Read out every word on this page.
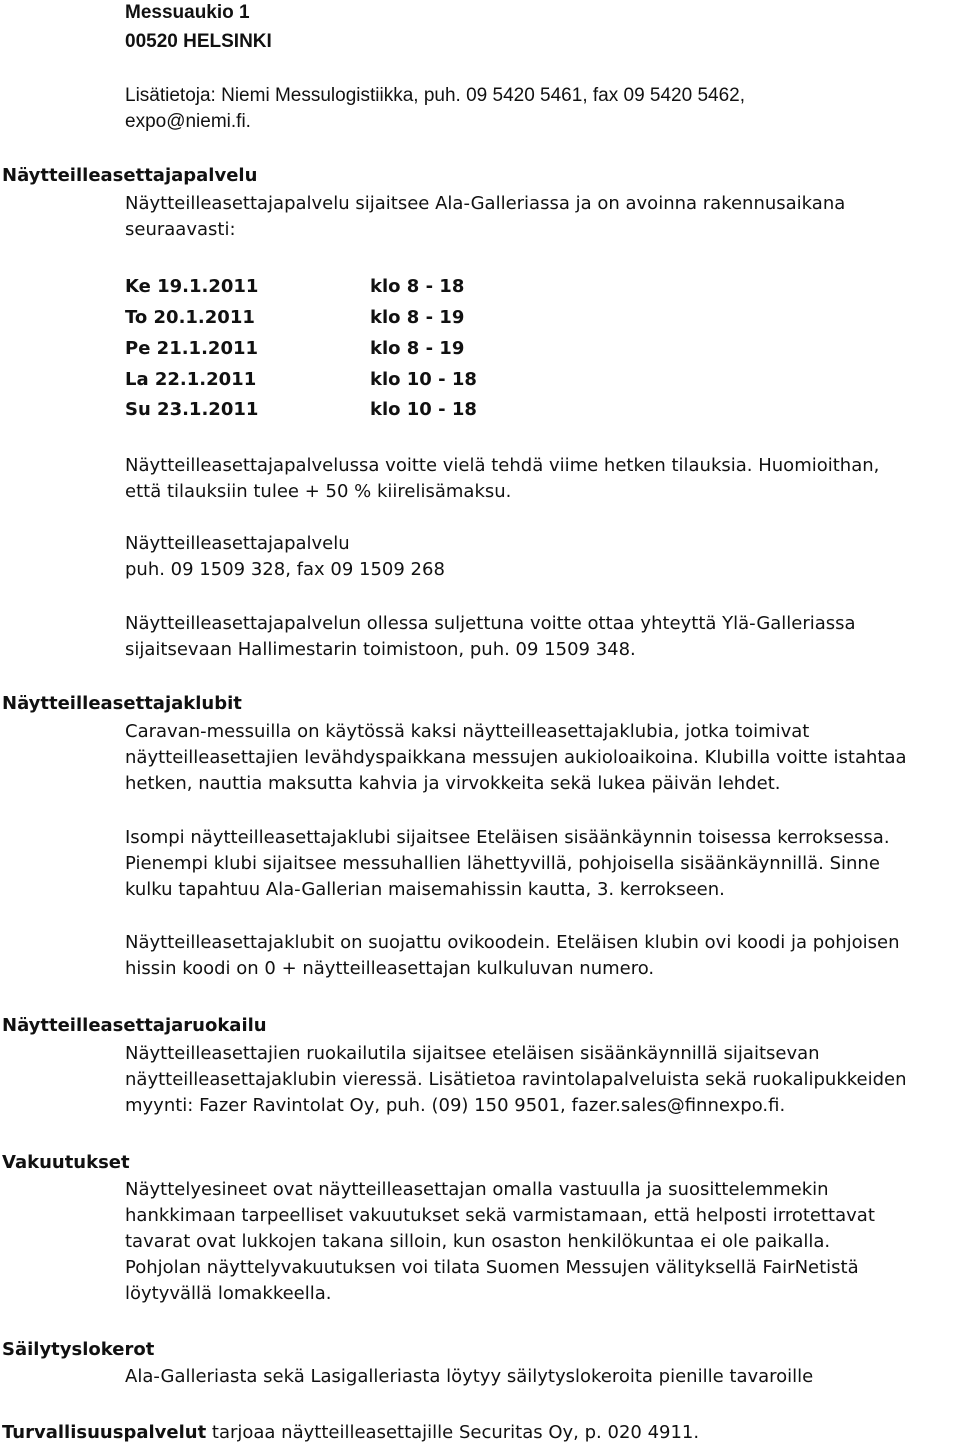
Messuaukio 1
00520 HELSINKI
Lisätietoja: Niemi Messulogistiikka, puh. 09 5420 5461, fax 09 5420 5462,
expo@niemi.fi.
Näytteilleasettajapalvelu
Näytteilleasettajapalvelu sijaitsee Ala-Galleriassa ja on avoinna rakennusaikana
seuraavasti:
Ke 19.1.2011	klo 8 - 18
To 20.1.2011	klo 8 - 19
Pe 21.1.2011	klo 8 - 19
La 22.1.2011	klo 10 - 18
Su 23.1.2011	klo 10 - 18
Näytteilleasettajapalvelussa voitte vielä tehdä viime hetken tilauksia. Huomioithan,
että tilauksiin tulee + 50 % kiirelisämaksu.
Näytteilleasettajapalvelu
puh. 09 1509 328, fax 09 1509 268
Näytteilleasettajapalvelun ollessa suljettuna voitte ottaa yhteyttä Ylä-Galleriassa
sijaitsevaan Hallimestarin toimistoon, puh. 09 1509 348.
Näytteilleasettajaklubit
Caravan-messuilla on käytössä kaksi näytteilleasettajaklubia, jotka toimivat
näytteilleasettajien levähdyspaikkana messujen aukioloaikoina. Klubilla voitte istahtaa
hetken, nauttia maksutta kahvia ja virvokkeita sekä lukea päivän lehdet.
Isompi näytteilleasettajaklubi sijaitsee Eteläisen sisäänkäynnin toisessa kerroksessa.
Pienempi klubi sijaitsee messuhallien lähettyvillä, pohjoisella sisäänkäynnillä. Sinne
kulku tapahtuu Ala-Gallerian maisemahissin kautta, 3. kerrokseen.
Näytteilleasettajaklubit on suojattu ovikoodein. Eteläisen klubin ovi koodi ja pohjoisen
hissin koodi on 0 + näytteilleasettajan kulkuluvan numero.
Näytteilleasettajaruokailu
Näytteilleasettajien ruokailutila sijaitsee eteläisen sisäänkäynnillä sijaitsevan
näytteilleasettajaklubin vieressä. Lisätietoa ravintolapalveluista sekä ruokalipukkeiden
myynti: Fazer Ravintolat Oy, puh. (09) 150 9501, fazer.sales@finnexpo.fi.
Vakuutukset
Näyttelyesineet ovat näytteilleasettajan omalla vastuulla ja suosittelemmekin
hankkimaan tarpeelliset vakuutukset sekä varmistamaan, että helposti irrotettavat
tavarat ovat lukkojen takana silloin, kun osaston henkilökuntaa ei ole paikalla.
Pohjolan näyttelyvakuutuksen voi tilata Suomen Messujen välityksellä FairNetistä
löytyvällä lomakkeella.
Säilytyslokerot
Ala-Galleriasta sekä Lasigalleriasta löytyy säilytyslokeroita pienille tavaroille
Turvallisuuspalvelut tarjoaa näytteilleasettajille Securitas Oy, p. 020 4911.
